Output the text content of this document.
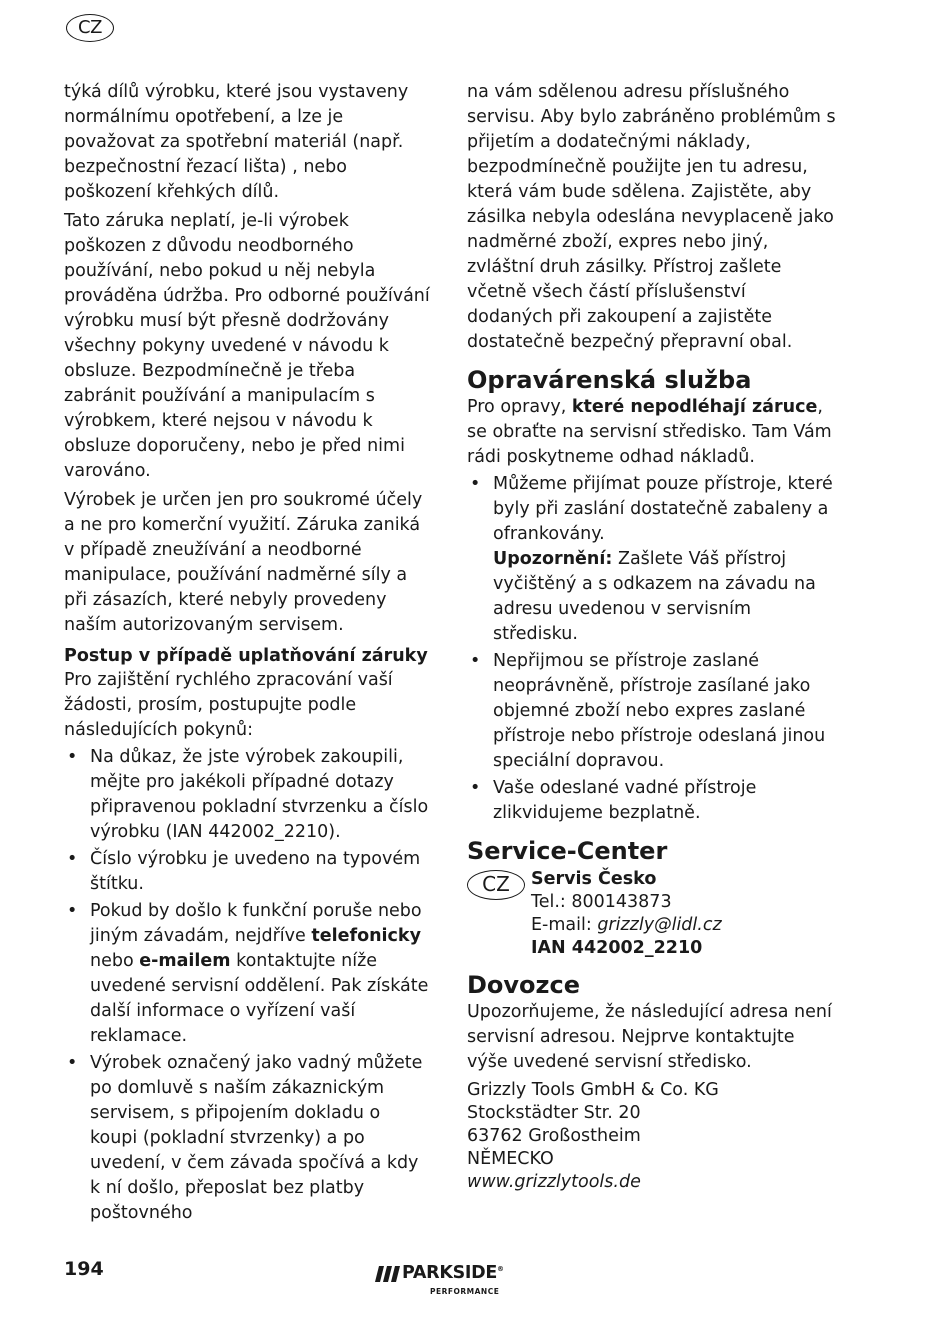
CZ

týká dílů výrobku, které jsou vystaveny normálnímu opotřebení, a lze je považovat za spotřební materiál (např. bezpečnostní řezací lišta) , nebo poškození křehkých dílů.

Tato záruka neplatí, je-li výrobek poškozen z důvodu neodborného používání, nebo pokud u něj nebyla prováděna údržba. Pro odborné používání výrobku musí být přesně dodržovány všechny pokyny uvedené v návodu k obsluze. Bezpodmínečně je třeba zabránit používání a manipulacím s výrobkem, které nejsou v návodu k obsluze doporučeny, nebo je před nimi varováno.

Výrobek je určen jen pro soukromé účely a ne pro komerční využití. Záruka zaniká v případě zneužívání a neodborné manipulace, používání nadměrné síly a při zásazích, které nebyly provedeny naším autorizovaným servisem.

Postup v případě uplatňování záruky

Pro zajištění rychlého zpracování vaší žádosti, prosím, postupujte podle následujících pokynů:

• Na důkaz, že jste výrobek zakoupili, mějte pro jakékoli případné dotazy připravenou pokladní stvrzenku a číslo výrobku (IAN 442002_2210).
• Číslo výrobku je uvedeno na typovém štítku.
• Pokud by došlo k funkční poruše nebo jiným závadám, nejdříve telefonicky nebo e-mailem kontaktujte níže uvedené servisní oddělení. Pak získáte další informace o vyřízení vaší reklamace.
• Výrobek označený jako vadný můžete po domluvě s naším zákaznickým servisem, s připojením dokladu o koupi (pokladní stvrzenky) a po uvedení, v čem závada spočívá a kdy k ní došlo, přeposlat bez platby poštovného

na vám sdělenou adresu příslušného servisu. Aby bylo zabráněno problémům s přijetím a dodatečnými náklady, bezpodmínečně použijte jen tu adresu, která vám bude sdělena. Zajistěte, aby zásilka nebyla odeslána nevyplaceně jako nadměrné zboží, expres nebo jiný, zvláštní druh zásilky. Přístroj zašlete včetně všech částí příslušenství dodaných při zakoupení a zajistěte dostatečně bezpečný přepravní obal.

Opravárenská služba

Pro opravy, které nepodléhají záruce, se obraťte na servisní středisko. Tam Vám rádi poskytneme odhad nákladů.

• Můžeme přijímat pouze přístroje, které byly při zaslání dostatečně zabaleny a ofrankovány.
Upozornění: Zašlete Váš přístroj vyčištěný a s odkazem na závadu na adresu uvedenou v servisním středisku.
• Nepřijmou se přístroje zaslané neoprávněně, přístroje zasílané jako objemné zboží nebo expres zaslané přístroje nebo přístroje odeslaná jinou speciální dopravou.
• Vaše odeslané vadné přístroje zlikvidujeme bezplatně.
Service-Center
CZ	Servis Česko
Tel.: 800143873
E-mail: grizzly@lidl.cz
IAN 442002_2210
Dovozce

Upozorňujeme, že následující adresa není servisní adresou. Nejprve kontaktujte výše uvedené servisní středisko.

Grizzly Tools GmbH & Co. KG
Stockstädter Str. 20
63762 Großostheim
NĚMECKO
www.grizzlytools.de
194	PARKSIDE®
PERFORMANCE
